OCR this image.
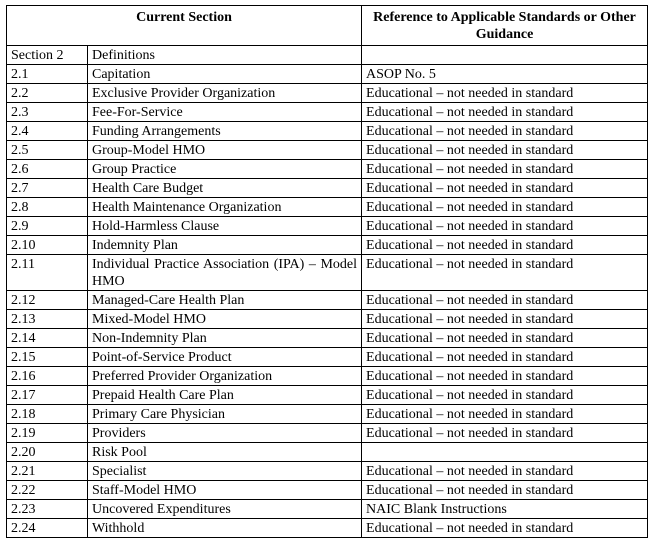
Current Section		Reference to Applicable Standards or Other Guidance
Section 2	Definitions	
2.1	Capitation	ASOP No. 5
2.2	Exclusive Provider Organization	Educational – not needed in standard
2.3	Fee-For-Service	Educational – not needed in standard
2.4	Funding Arrangements	Educational – not needed in standard
2.5	Group-Model HMO	Educational – not needed in standard
2.6	Group Practice	Educational – not needed in standard
2.7	Health Care Budget	Educational – not needed in standard
2.8	Health Maintenance Organization	Educational – not needed in standard
2.9	Hold-Harmless Clause	Educational – not needed in standard
2.10	Indemnity Plan	Educational – not needed in standard
2.11	Individual Practice Association (IPA) – Model HMO	Educational – not needed in standard
2.12	Managed-Care Health Plan	Educational – not needed in standard
2.13	Mixed-Model HMO	Educational – not needed in standard
2.14	Non-Indemnity Plan	Educational – not needed in standard
2.15	Point-of-Service Product	Educational – not needed in standard
2.16	Preferred Provider Organization	Educational – not needed in standard
2.17	Prepaid Health Care Plan	Educational – not needed in standard
2.18	Primary Care Physician	Educational – not needed in standard
2.19	Providers	Educational – not needed in standard
2.20	Risk Pool	
2.21	Specialist	Educational – not needed in standard
2.22	Staff-Model HMO	Educational – not needed in standard
2.23	Uncovered Expenditures	NAIC Blank Instructions
2.24	Withhold	Educational – not needed in standard
